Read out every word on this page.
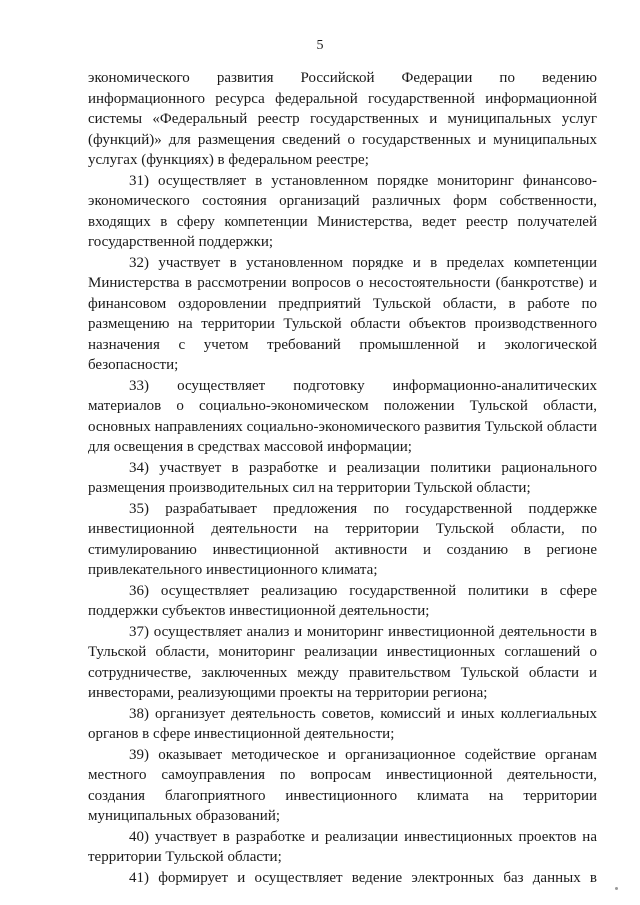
5

экономического развития Российской Федерации по ведению информационного ресурса федеральной государственной информационной системы «Федеральный реестр государственных и муниципальных услуг (функций)» для размещения сведений о государственных и муниципальных услугах (функциях) в федеральном реестре;

31) осуществляет в установленном порядке мониторинг финансово-экономического состояния организаций различных форм собственности, входящих в сферу компетенции Министерства, ведет реестр получателей государственной поддержки;

32) участвует в установленном порядке и в пределах компетенции Министерства в рассмотрении вопросов о несостоятельности (банкротстве) и финансовом оздоровлении предприятий Тульской области, в работе по размещению на территории Тульской области объектов производственного назначения с учетом требований промышленной и экологической безопасности;

33) осуществляет подготовку информационно-аналитических материалов о социально-экономическом положении Тульской области, основных направлениях социально-экономического развития Тульской области для освещения в средствах массовой информации;

34) участвует в разработке и реализации политики рационального размещения производительных сил на территории Тульской области;

35) разрабатывает предложения по государственной поддержке инвестиционной деятельности на территории Тульской области, по стимулированию инвестиционной активности и созданию в регионе привлекательного инвестиционного климата;

36) осуществляет реализацию государственной политики в сфере поддержки субъектов инвестиционной деятельности;

37) осуществляет анализ и мониторинг инвестиционной деятельности в Тульской области, мониторинг реализации инвестиционных соглашений о сотрудничестве, заключенных между правительством Тульской области и инвесторами, реализующими проекты на территории региона;

38) организует деятельность советов, комиссий и иных коллегиальных органов в сфере инвестиционной деятельности;

39) оказывает методическое и организационное содействие органам местного самоуправления по вопросам инвестиционной деятельности, создания благоприятного инвестиционного климата на территории муниципальных образований;

40) участвует в разработке и реализации инвестиционных проектов на территории Тульской области;

41) формирует и осуществляет ведение электронных баз данных в
